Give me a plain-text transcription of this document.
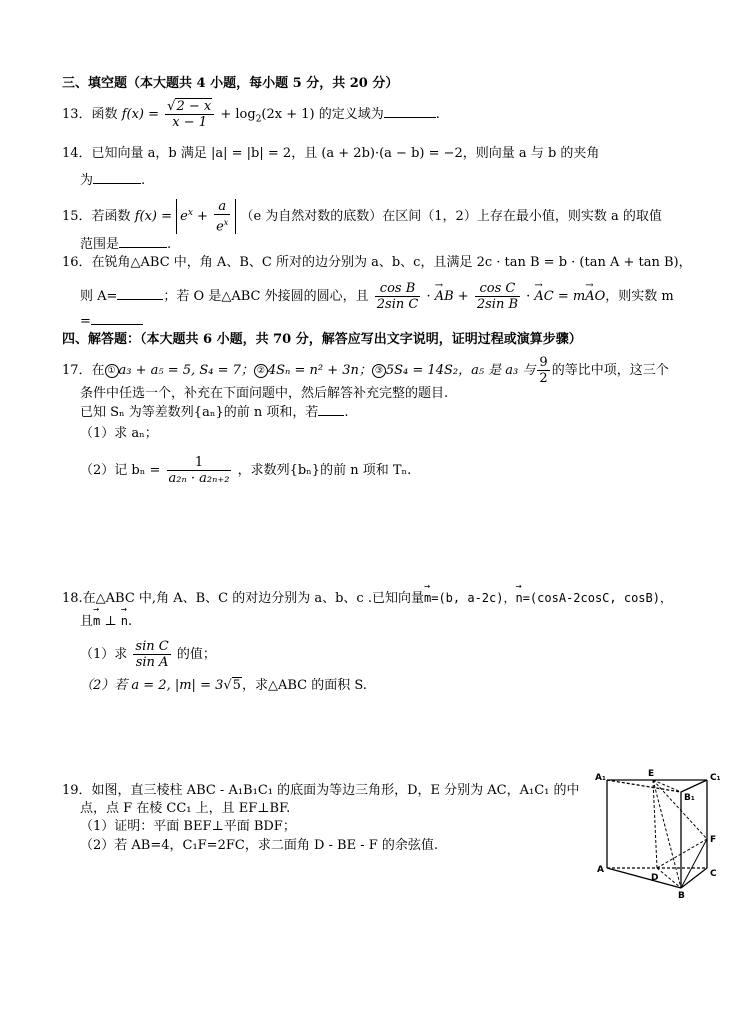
三、填空题（本大题共 4 小题，每小题 5 分，共 20 分）
13．函数 $f(x) = \frac{√2 - x}{x - 1} + \log_2(2x + 1)$ 的定义域为	.
14．已知向量 a，b 满足 |a| = |b| = 2，且 (a + 2b)·(a − b) = −2，则向量 a 与 b 的夹角
为	.
15．若函数 $f(x) = e^x + \frac{a}{e^x} (e$ 为自然对数的底数）在区间（1，2）上存在最小值，则实数 a 的取值
范围是	.
16．在锐角△ABC 中，角 A、B、C 所对的边分别为 a、b、c，且满足 2c · tan B = b · (tan A + tan B)，
则 A=	；若 O 是△ABC 外接圆的圆心，且 $\frac{\text{cos B}}{\text{2sin C}}$ · → AB + $\frac{\text{cos C}}{\text{2sin B}}$ · → AC = m→ AO，则实数 m
=
四、解答题：（本大题共 6 小题，共 70 分，解答应写出文字说明，证明过程或演算步骤）
17．在 ① a₃ + a₅ = 5, S₄ = 7； ② 4Sₙ = n² + 3n； ③ 5S₄ = 14S₂，a₅ 是 a₃ 与 $\frac{9}{2}$ 的等比中项，这三个
条件中任选一个，补充在下面问题中，然后解答补充完整的题目.
已知 Sₙ 为等差数列{aₙ}的前 n 项和，若 .
（1）求 aₙ；
（2）记 $b_n = \frac{1}{\text{a₂ₙ · a₂ₙ₊₂}}$ ，求数列{bₙ}的前 n 项和 Tₙ.
18.在△ABC 中,角 A、B、C 的对边分别为 a、b、c .已知向量→ m=(b, a-2c)，→ n=(cosA-2cosC, cosB)，
且→ m ⊥ → n.
（1）求 $\frac{\text{sin C}}{\text{sin A}}$ 的值；
（2）若 a = 2, |m| = 3√5，求△ABC 的面积 S.
19．如图，直三棱柱 ABC - A₁B₁C₁ 的底面为等边三角形，D，E 分别为 AC，A₁C₁ 的中
点，点 F 在棱 CC₁ 上，且 EF⊥BF.
（1）证明：平面 BEF⊥平面 BDF；
（2）若 AB=4，C₁F=2FC，求二面角 D - BE - F 的余弦值.
A₁	E	C₁
B₁
F
A
D	C
B
